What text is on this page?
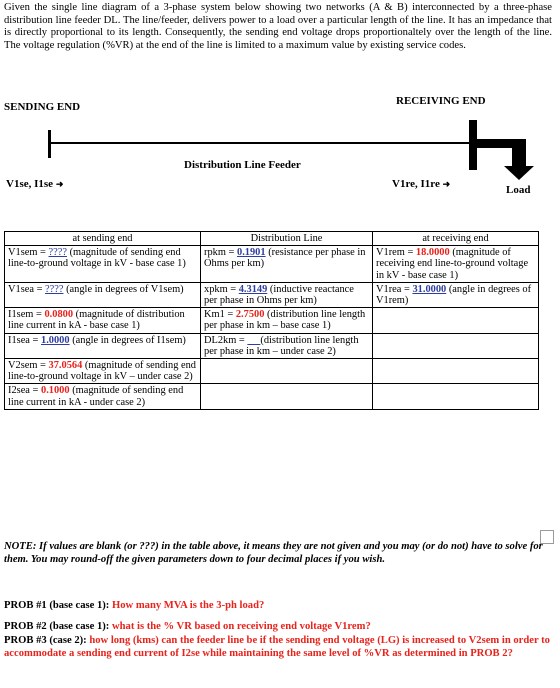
Given the single line diagram of a 3-phase system below showing two networks (A & B) interconnected by a three-phase distribution line feeder DL. The line/feeder, delivers power to a load over a particular length of the line. It has an impedance that is directly proportional to its length. Consequently, the sending end voltage drops proportionaltely over the length of the line. The voltage regulation (%VR) at the end of the line is limited to a maximum value by existing service codes.
SENDING END	RECEIVING END
Distribution Line Feeder
V1se, I1se ➜	V1re, I1re ➜	Load
at sending end	Distribution Line	at receiving end
V1sem = ???? (magnitude of sending end line-to-ground voltage in kV - base case 1)	rpkm = 0.1901 (resistance per phase in Ohms per km)	V1rem = 18.0000 (magnitude of receiving end line-to-ground voltage in kV - base case 1)
V1sea = ???? (angle in degrees of V1sem)	xpkm = 4.3149 (inductive reactance per phase in Ohms per km)	V1rea = 31.0000 (angle in degrees of V1rem)
I1sem = 0.0800 (magnitude of distribution line current in kA - base case 1)	Km1 = 2.7500 (distribution line length per phase in km – base case 1)	
I1sea = 1.0000 (angle in degrees of I1sem)	DL2km =      (distribution line length per phase in km – under case 2)	
V2sem = 37.0564 (magnitude of sending end line-to-ground voltage in kV – under case 2)		
I2sea = 0.1000 (magnitude of sending end line current in kA - under case 2)		
NOTE: If values are blank (or ???) in the table above, it means they are not given and you may (or do not) have to solve for them. You may round-off the given parameters down to four decimal places if you wish.
PROB #1 (base case 1): How many MVA is the 3-ph load?
PROB #2 (base case 1): what is the % VR based on receiving end voltage V1rem?
PROB #3 (case 2): how long (kms) can the feeder line be if the sending end voltage (LG) is increased to V2sem in order to accommodate a sending end current of I2se while maintaining the same level of %VR as determined in PROB 2?
